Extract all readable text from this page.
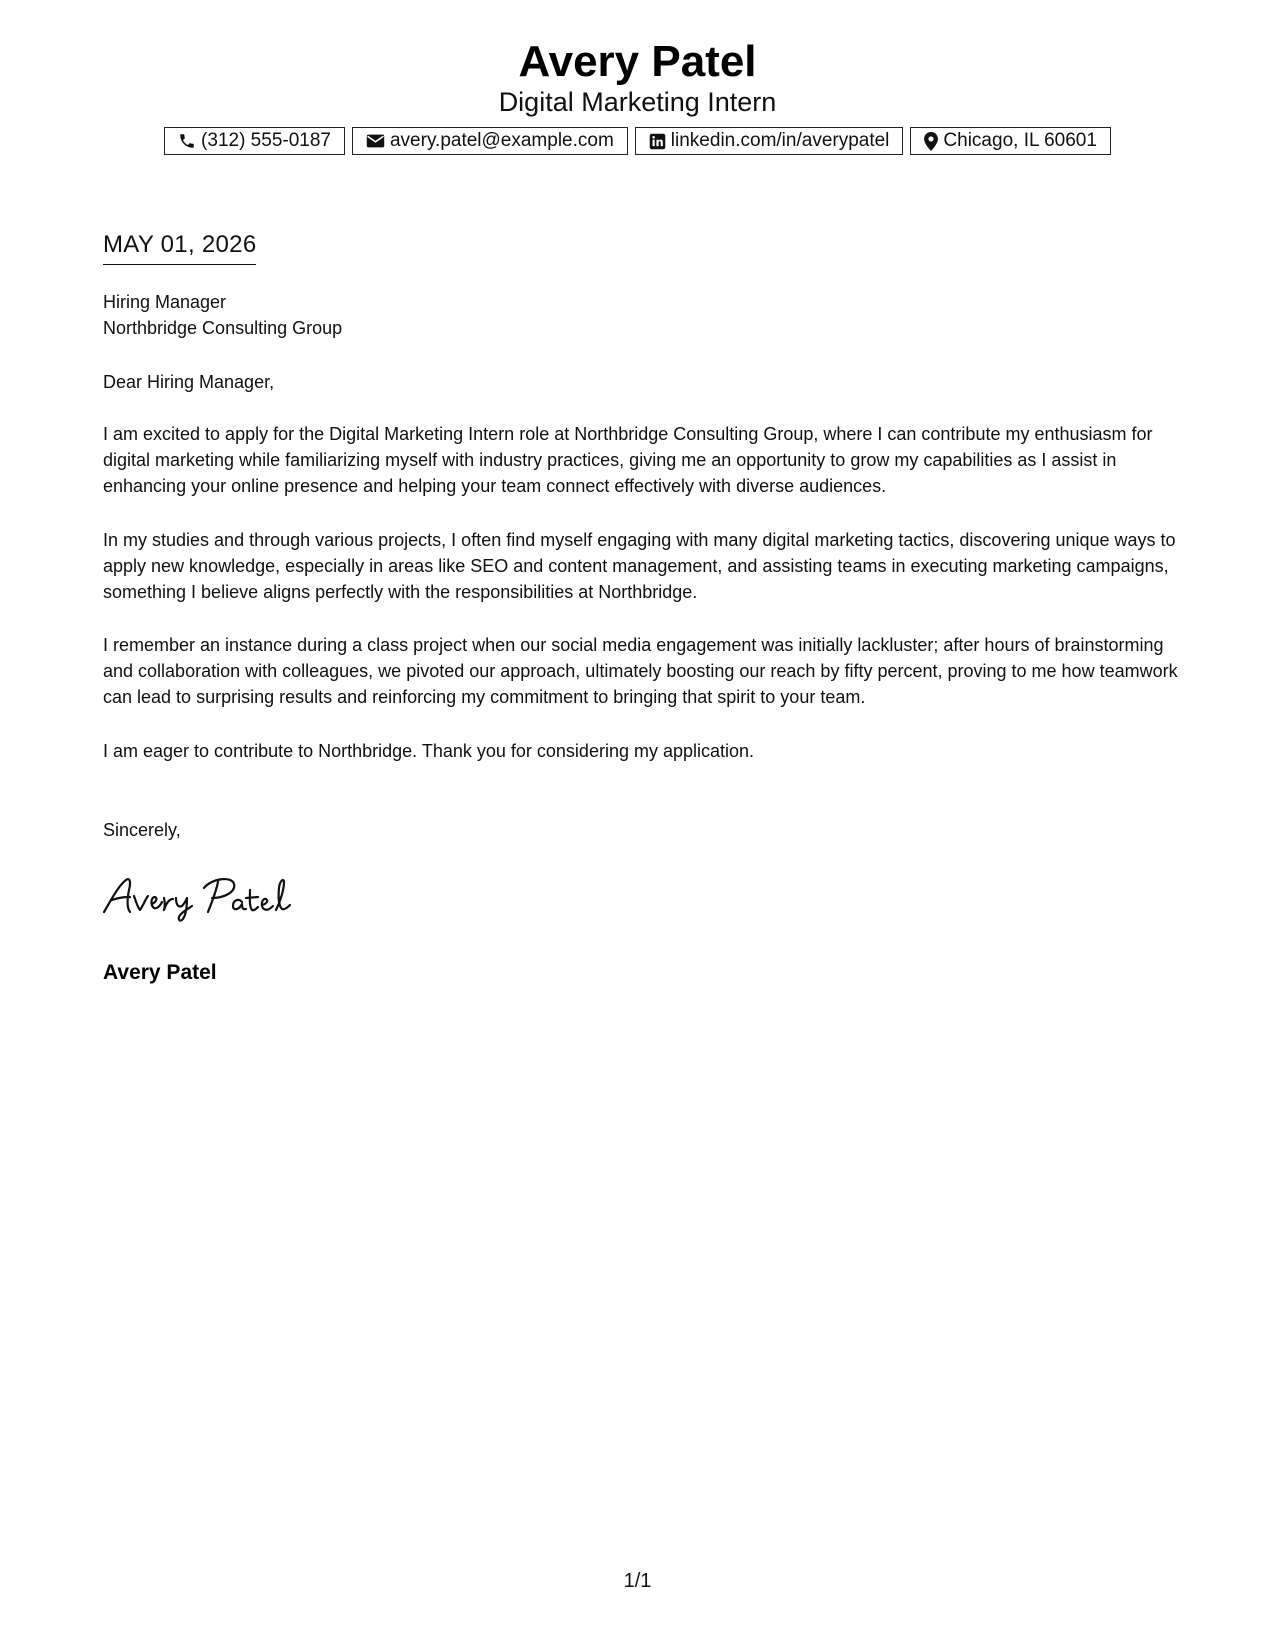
Avery Patel
Digital Marketing Intern
(312) 555-0187	avery.patel@example.com	linkedin.com/in/averypatel	Chicago, IL 60601
MAY 01, 2026
Hiring Manager
Northbridge Consulting Group
Dear Hiring Manager,
I am excited to apply for the Digital Marketing Intern role at Northbridge Consulting Group, where I can contribute my enthusiasm for digital marketing while familiarizing myself with industry practices, giving me an opportunity to grow my capabilities as I assist in enhancing your online presence and helping your team connect effectively with diverse audiences.
In my studies and through various projects, I often find myself engaging with many digital marketing tactics, discovering unique ways to apply new knowledge, especially in areas like SEO and content management, and assisting teams in executing marketing campaigns, something I believe aligns perfectly with the responsibilities at Northbridge.
I remember an instance during a class project when our social media engagement was initially lackluster; after hours of brainstorming and collaboration with colleagues, we pivoted our approach, ultimately boosting our reach by fifty percent, proving to me how teamwork can lead to surprising results and reinforcing my commitment to bringing that spirit to your team.
I am eager to contribute to Northbridge. Thank you for considering my application.
Sincerely,
Avery Patel
1/1
